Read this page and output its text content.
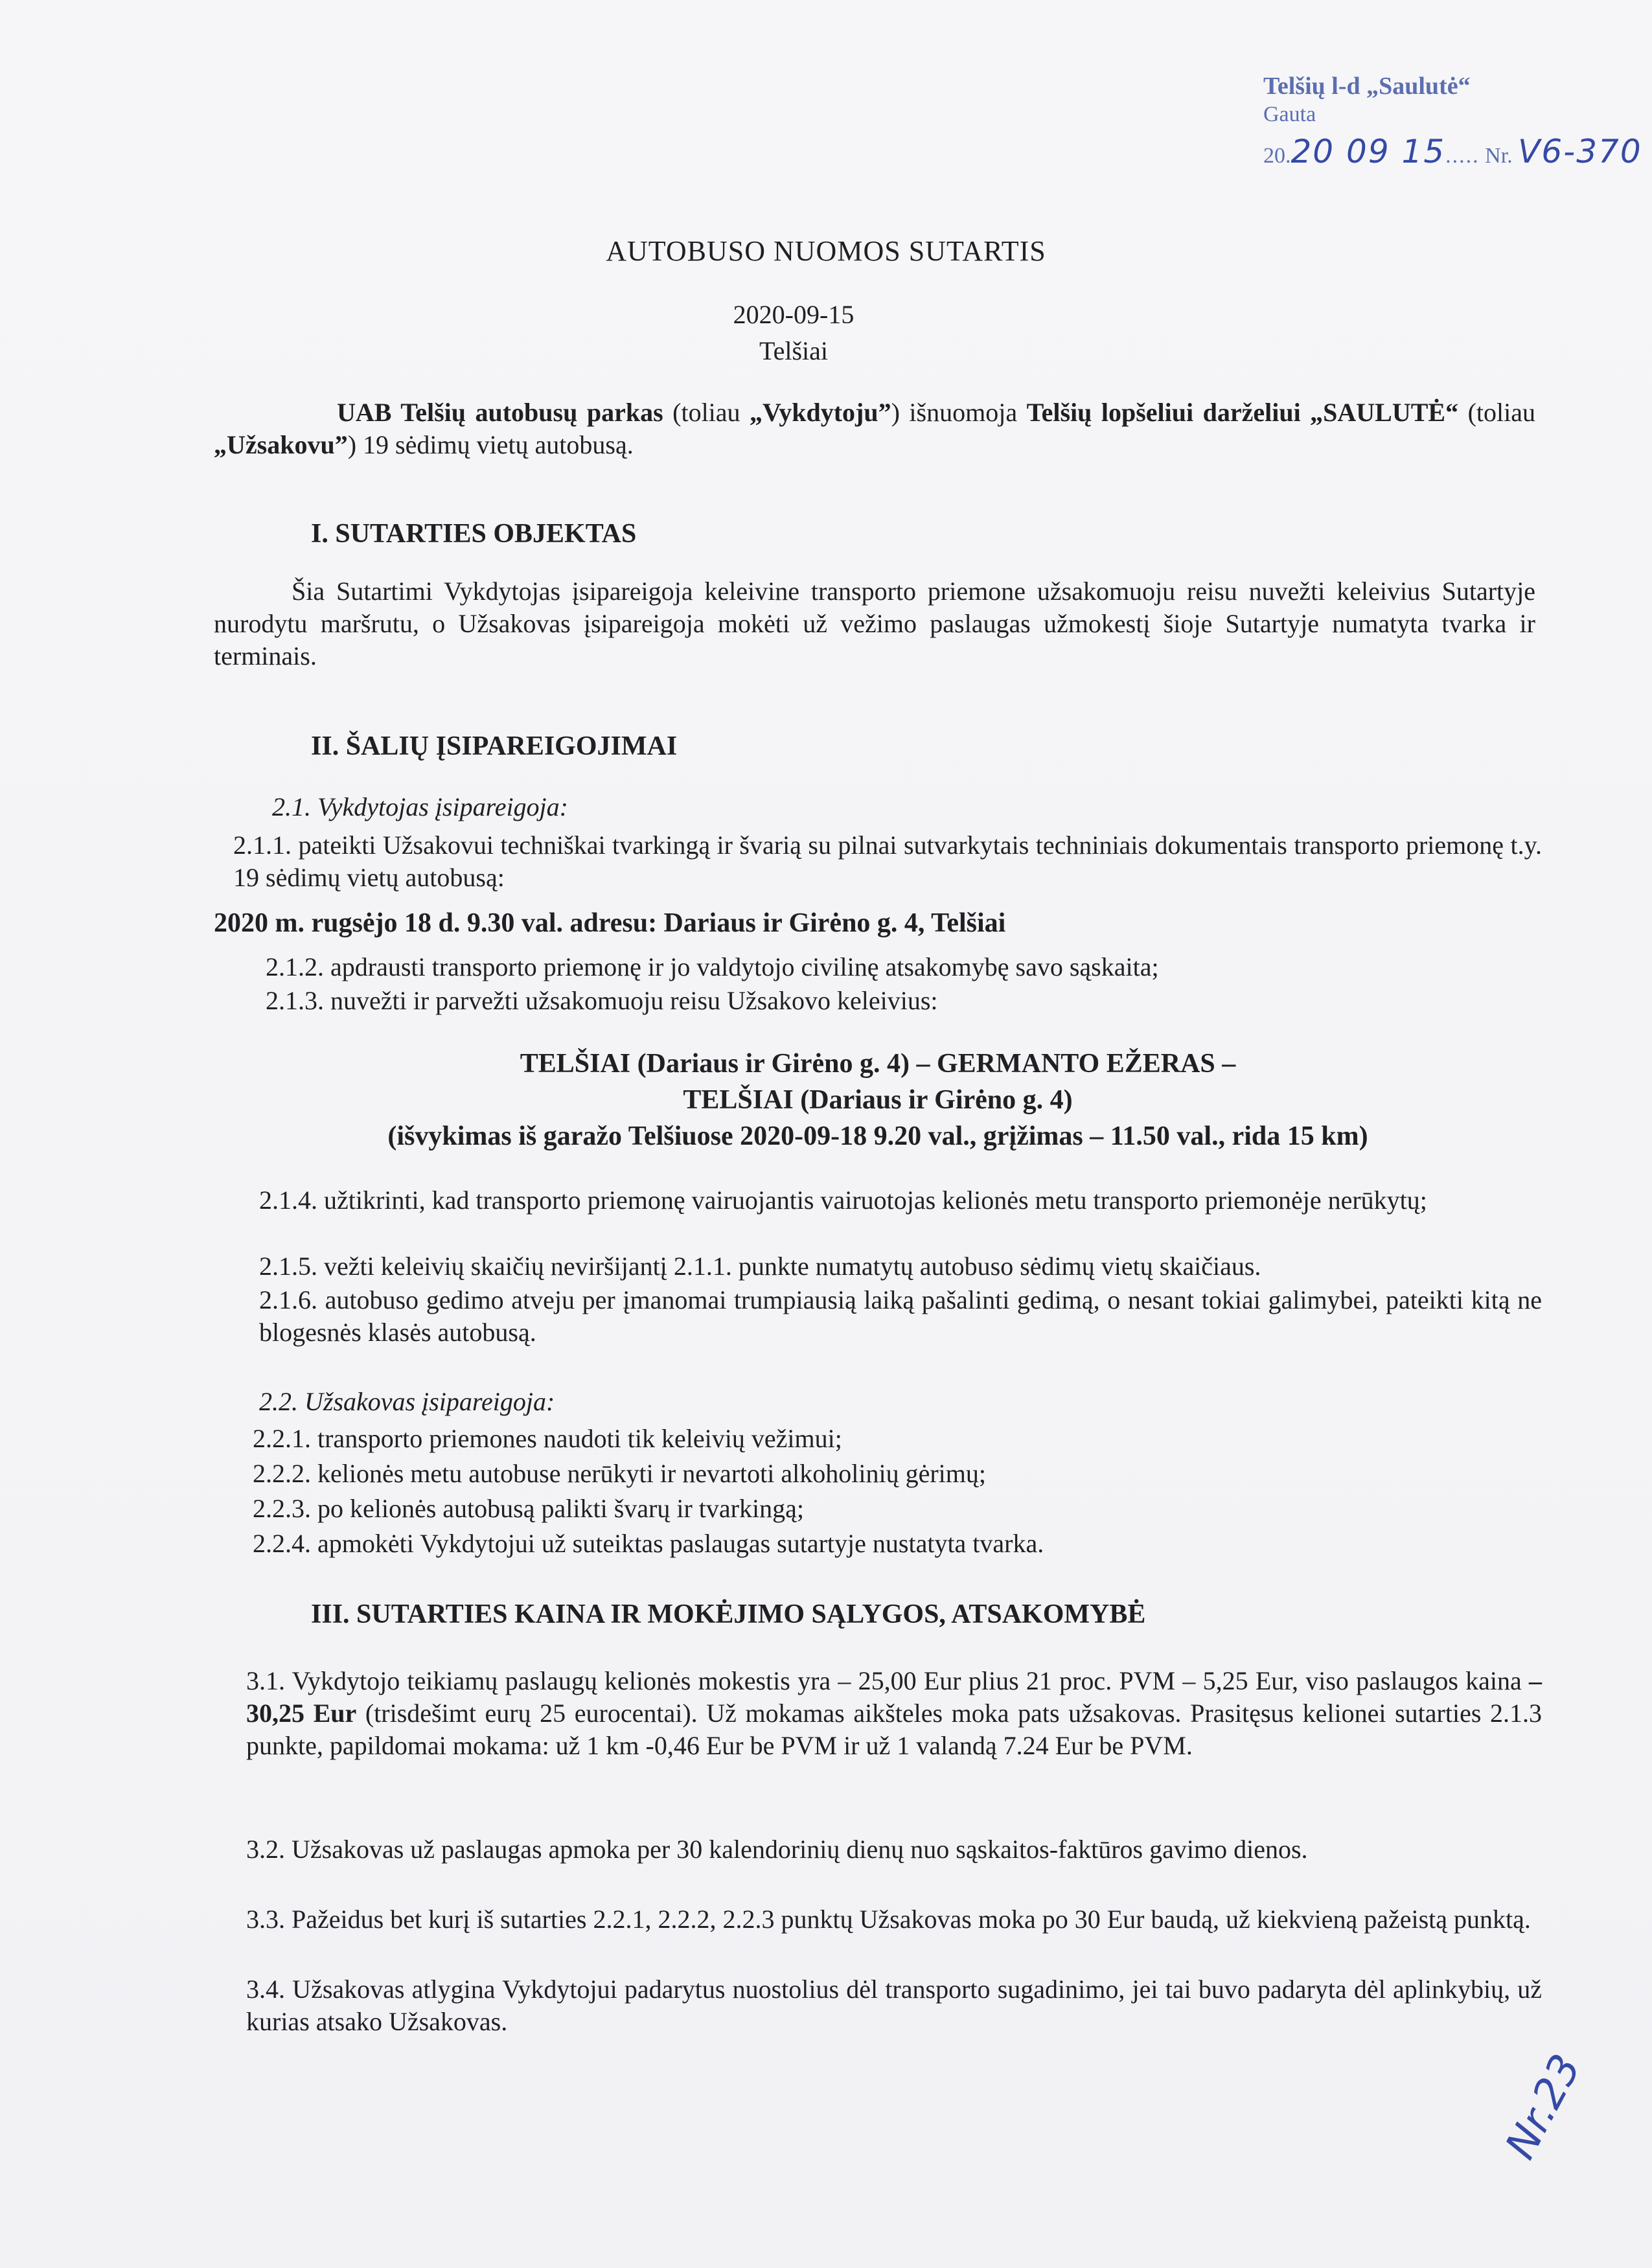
Telšių l-d „Saulutė“
Gauta
20.20 09 15..... Nr. V6-370
AUTOBUSO NUOMOS SUTARTIS
2020-09-15
Telšiai
UAB Telšių autobusų parkas (toliau „Vykdytoju”) išnuomoja Telšių lopšeliui darželiui „SAULUTĖ“ (toliau „Užsakovu”) 19 sėdimų vietų autobusą.
I. SUTARTIES OBJEKTAS
Šia Sutartimi Vykdytojas įsipareigoja keleivine transporto priemone užsakomuoju reisu nuvežti keleivius Sutartyje nurodytu maršrutu, o Užsakovas įsipareigoja mokėti už vežimo paslaugas užmokestį šioje Sutartyje numatyta tvarka ir terminais.
II. ŠALIŲ ĮSIPAREIGOJIMAI
2.1. Vykdytojas įsipareigoja:
2.1.1. pateikti Užsakovui techniškai tvarkingą ir švarią su pilnai sutvarkytais techniniais dokumentais transporto priemonę t.y. 19 sėdimų vietų autobusą:
2020 m. rugsėjo 18 d. 9.30 val. adresu: Dariaus ir Girėno g. 4, Telšiai
2.1.2. apdrausti transporto priemonę ir jo valdytojo civilinę atsakomybę savo sąskaita;
2.1.3. nuvežti ir parvežti užsakomuoju reisu Užsakovo keleivius:
TELŠIAI (Dariaus ir Girėno g. 4) – GERMANTO EŽERAS –
TELŠIAI (Dariaus ir Girėno g. 4)
(išvykimas iš garažo Telšiuose 2020-09-18 9.20 val., grįžimas – 11.50 val., rida 15 km)
2.1.4. užtikrinti, kad transporto priemonę vairuojantis vairuotojas kelionės metu transporto priemonėje nerūkytų;
2.1.5. vežti keleivių skaičių neviršijantį 2.1.1. punkte numatytų autobuso sėdimų vietų skaičiaus.
2.1.6. autobuso gedimo atveju per įmanomai trumpiausią laiką pašalinti gedimą, o nesant tokiai galimybei, pateikti kitą ne blogesnės klasės autobusą.
2.2. Užsakovas įsipareigoja:
2.2.1. transporto priemones naudoti tik keleivių vežimui;
2.2.2. kelionės metu autobuse nerūkyti ir nevartoti alkoholinių gėrimų;
2.2.3. po kelionės autobusą palikti švarų ir tvarkingą;
2.2.4. apmokėti Vykdytojui už suteiktas paslaugas sutartyje nustatyta tvarka.
III. SUTARTIES KAINA IR MOKĖJIMO SĄLYGOS, ATSAKOMYBĖ
3.1. Vykdytojo teikiamų paslaugų kelionės mokestis yra – 25,00 Eur plius 21 proc. PVM – 5,25 Eur, viso paslaugos kaina – 30,25 Eur (trisdešimt eurų 25 eurocentai). Už mokamas aikšteles moka pats užsakovas. Prasitęsus kelionei sutarties 2.1.3 punkte, papildomai mokama: už 1 km -0,46 Eur be PVM ir už 1 valandą 7.24 Eur be PVM.
3.2. Užsakovas už paslaugas apmoka per 30 kalendorinių dienų nuo sąskaitos-faktūros gavimo dienos.
3.3. Pažeidus bet kurį iš sutarties 2.2.1, 2.2.2, 2.2.3 punktų Užsakovas moka po 30 Eur baudą, už kiekvieną pažeistą punktą.
3.4. Užsakovas atlygina Vykdytojui padarytus nuostolius dėl transporto sugadinimo, jei tai buvo padaryta dėl aplinkybių, už kurias atsako Užsakovas.
Nr.23
